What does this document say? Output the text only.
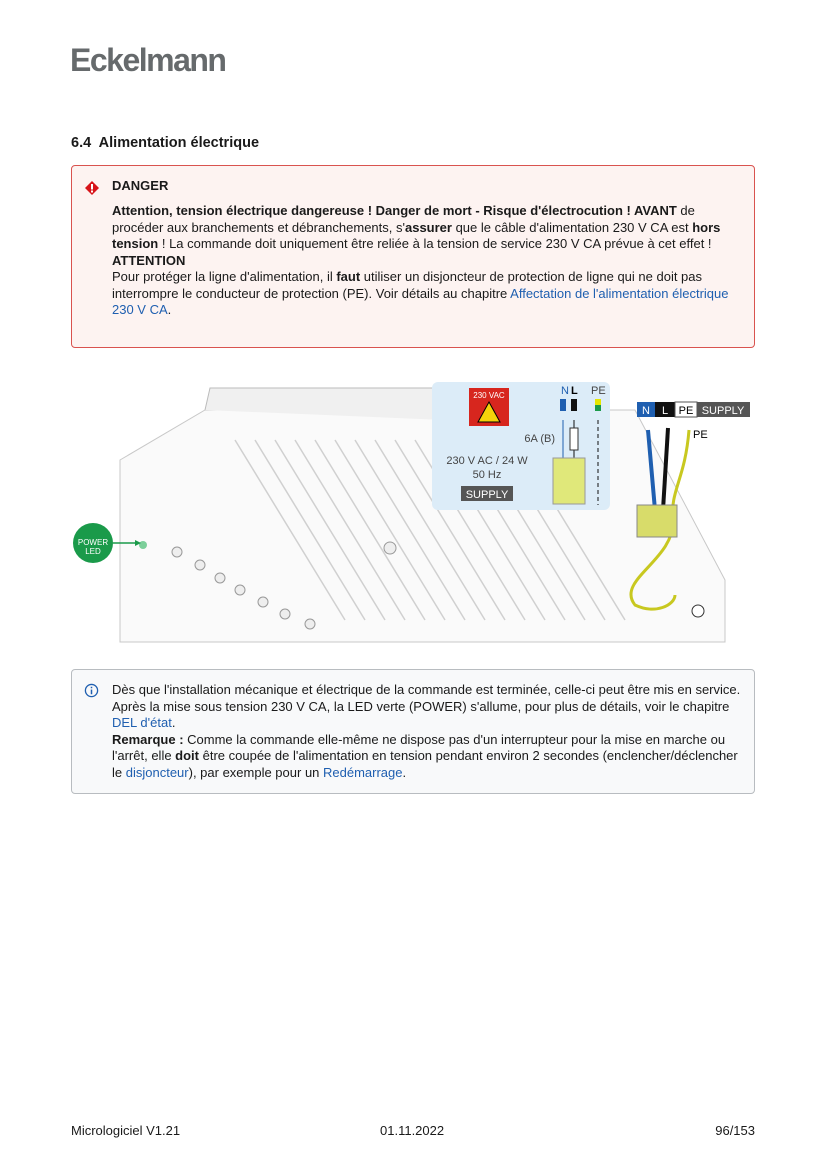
Eckelmann
6.4  Alimentation électrique
DANGER
Attention, tension électrique dangereuse ! Danger de mort - Risque d'électrocution ! AVANT de procéder aux branchements et débranchements, s'assurer que le câble d'alimentation 230 V CA est hors tension ! La commande doit uniquement être reliée à la tension de service 230 V CA prévue à cet effet !
ATTENTION
Pour protéger la ligne d'alimentation, il faut utiliser un disjoncteur de protection de ligne qui ne doit pas interrompre le conducteur de protection (PE). Voir détails au chapitre Affectation de l'alimentation électrique 230 V CA.
230 VAC	N L PE
6A (B)
230 V AC / 24 W
50 Hz
SUPPLY
N L PE SUPPLY
PE
POWER LED
Dès que l'installation mécanique et électrique de la commande est terminée, celle-ci peut être mis en service. Après la mise sous tension 230 V CA, la LED verte (POWER) s'allume, pour plus de détails, voir le chapitre DEL d'état.
Remarque : Comme la commande elle-même ne dispose pas d'un interrupteur pour la mise en marche ou l'arrêt, elle doit être coupée de l'alimentation en tension pendant environ 2 secondes (enclencher/déclencher le disjoncteur), par exemple pour un Redémarrage.
Micrologiciel V1.21	01.11.2022	96/153
